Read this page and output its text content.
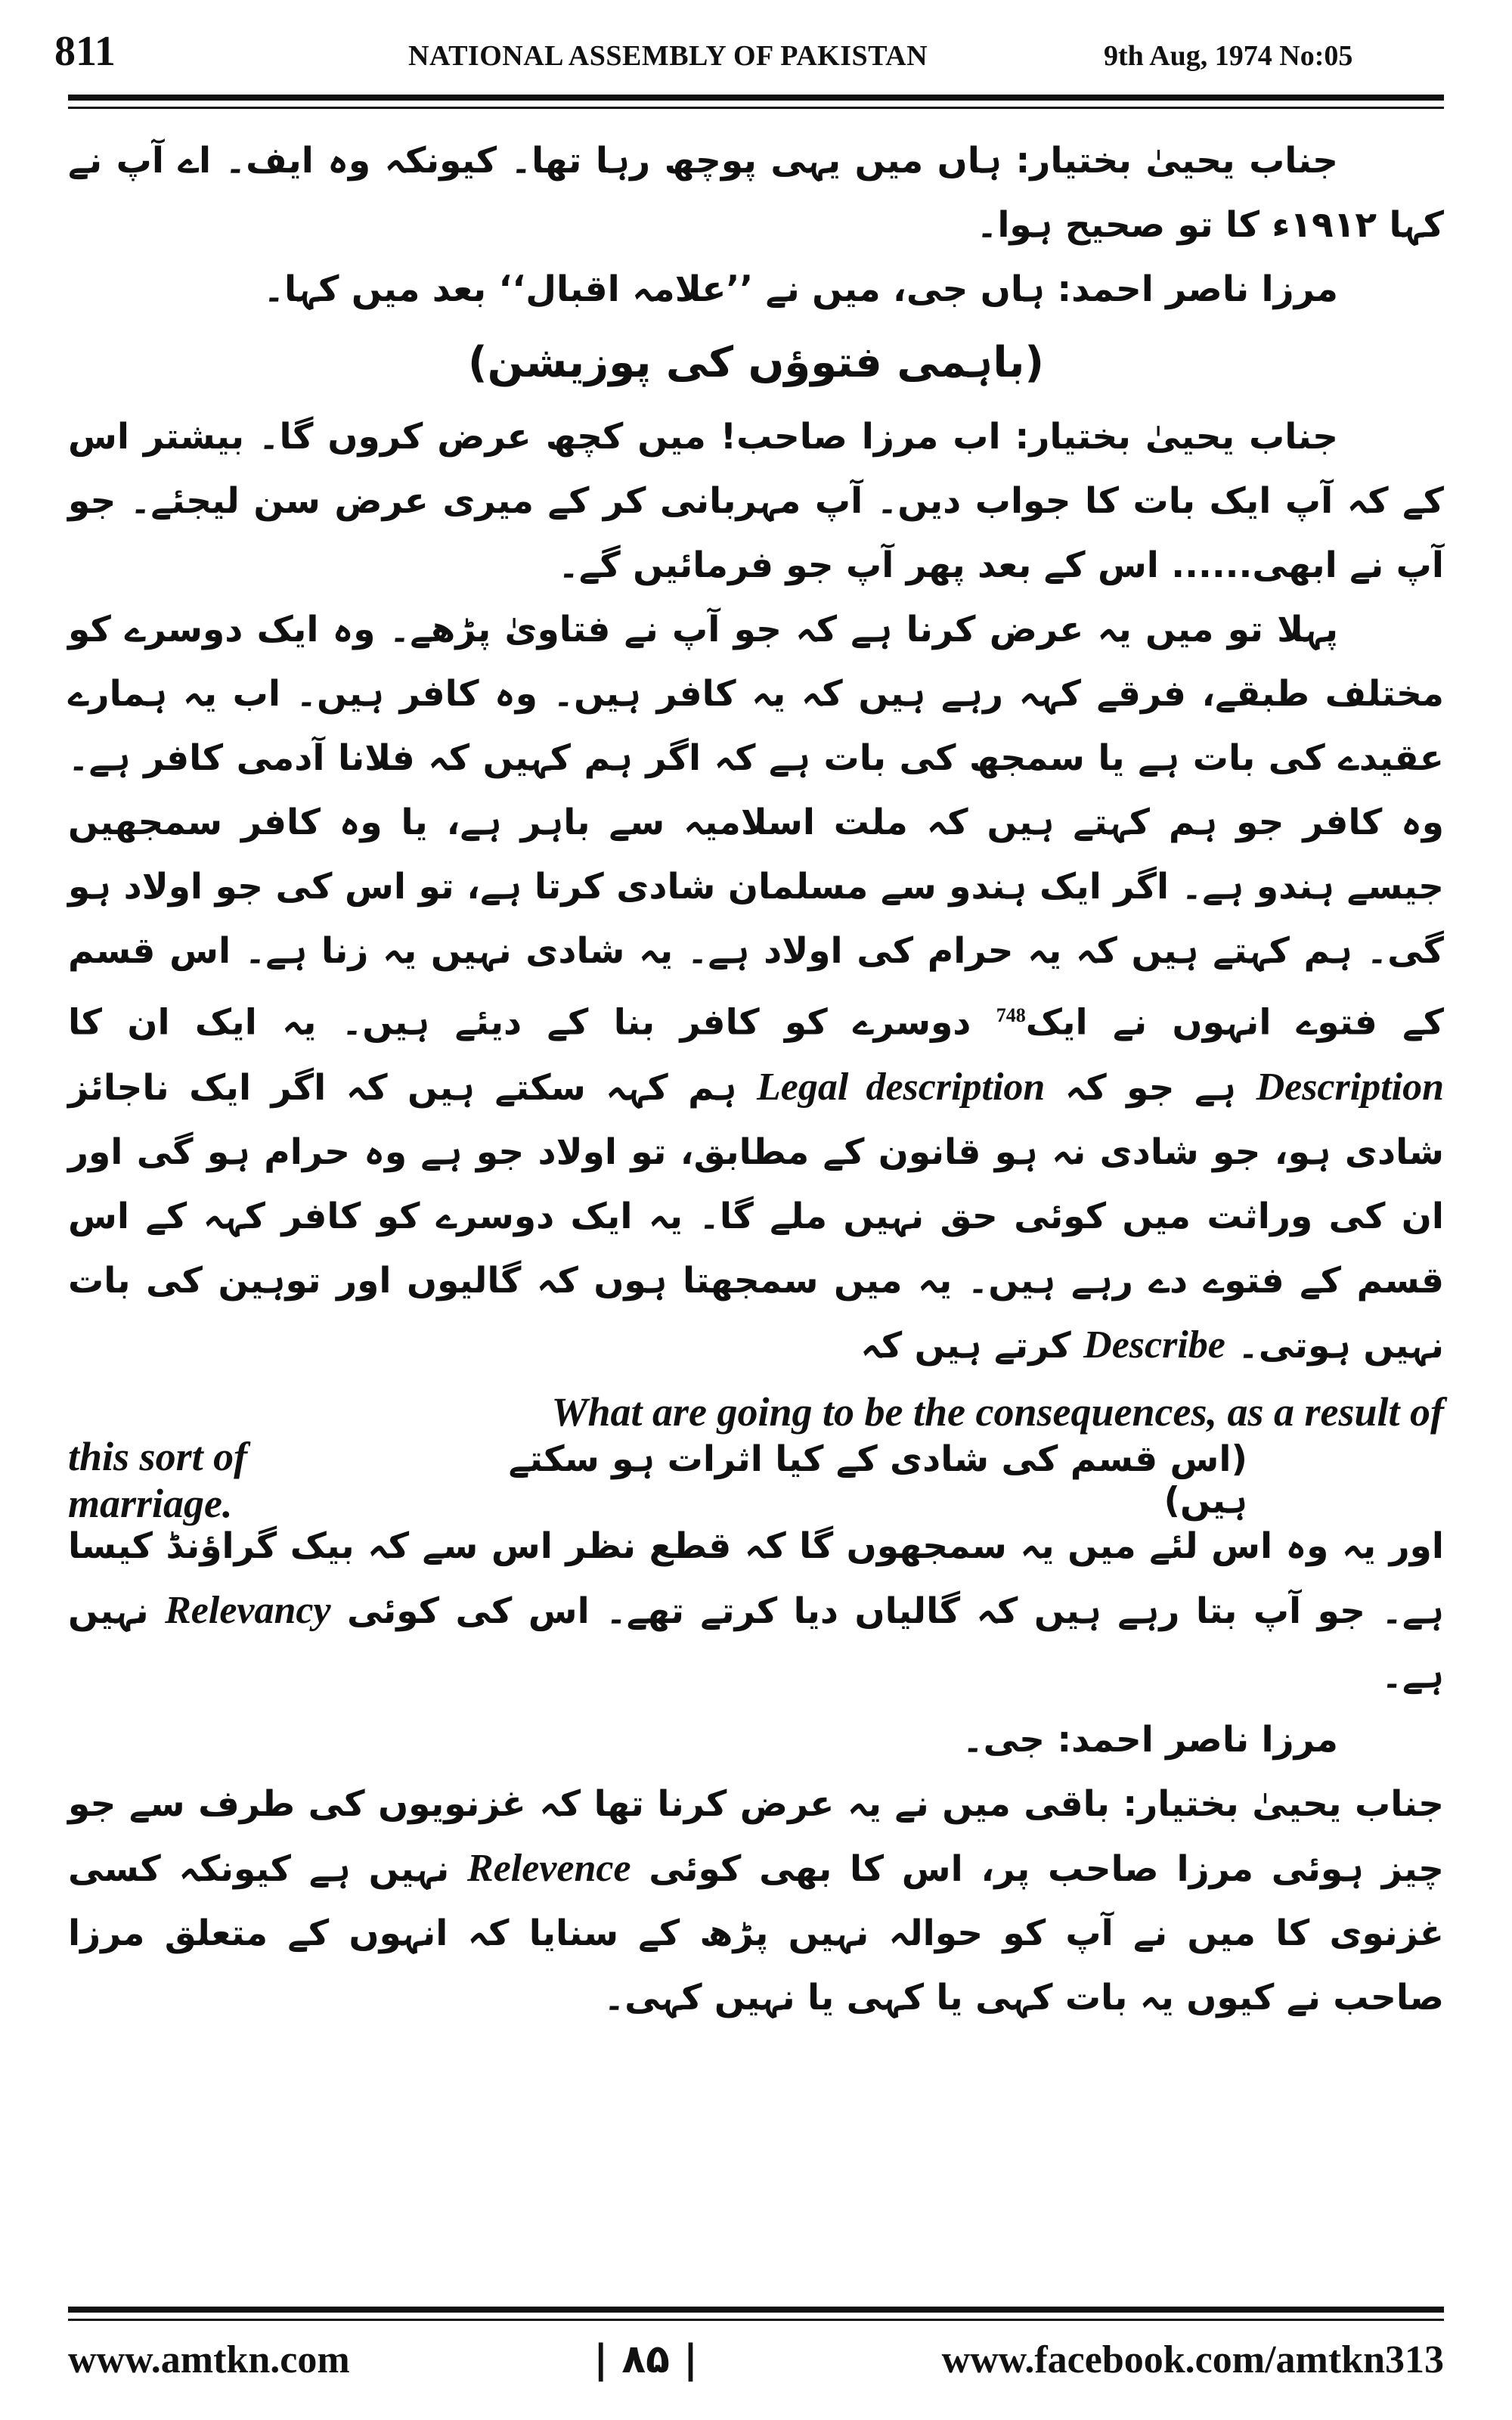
811	NATIONAL ASSEMBLY OF PAKISTAN	9th Aug, 1974 No:05

جناب یحییٰ بختیار: ہاں میں یہی پوچھ رہا تھا۔ کیونکہ وہ ایف۔ اے آپ نے کہا ۱۹۱۲ء کا تو صحیح ہوا۔

مرزا ناصر احمد: ہاں جی، میں نے ’’علامہ اقبال‘‘ بعد میں کہا۔

(باہمی فتوؤں کی پوزیشن)

جناب یحییٰ بختیار: اب مرزا صاحب! میں کچھ عرض کروں گا۔ بیشتر اس کے کہ آپ ایک بات کا جواب دیں۔ آپ مہربانی کر کے میری عرض سن لیجئے۔ جو آپ نے ابھی...... اس کے بعد پھر آپ جو فرمائیں گے۔

پہلا تو میں یہ عرض کرنا ہے کہ جو آپ نے فتاویٰ پڑھے۔ وہ ایک دوسرے کو مختلف طبقے، فرقے کہہ رہے ہیں کہ یہ کافر ہیں۔ وہ کافر ہیں۔ اب یہ ہمارے عقیدے کی بات ہے یا سمجھ کی بات ہے کہ اگر ہم کہیں کہ فلانا آدمی کافر ہے۔ وہ کافر جو ہم کہتے ہیں کہ ملت اسلامیہ سے باہر ہے، یا وہ کافر سمجھیں جیسے ہندو ہے۔ اگر ایک ہندو سے مسلمان شادی کرتا ہے، تو اس کی جو اولاد ہو گی۔ ہم کہتے ہیں کہ یہ حرام کی اولاد ہے۔ یہ شادی نہیں یہ زنا ہے۔ اس قسم کے فتوے انہوں نے ایک$^{748}$ دوسرے کو کافر بنا کے دیئے ہیں۔ یہ ایک ان کا Description ہے جو کہ Legal description ہم کہہ سکتے ہیں کہ اگر ایک ناجائز شادی ہو، جو شادی نہ ہو قانون کے مطابق، تو اولاد جو ہے وہ حرام ہو گی اور ان کی وراثت میں کوئی حق نہیں ملے گا۔ یہ ایک دوسرے کو کافر کہہ کے اس قسم کے فتوے دے رہے ہیں۔ یہ میں سمجھتا ہوں کہ گالیوں اور توہین کی بات نہیں ہوتی۔ Describe کرتے ہیں کہ

What are going to be the consequences, as a result of

this sort of marriage.
(اس قسم کی شادی کے کیا اثرات ہو سکتے ہیں)

اور یہ وہ اس لئے میں یہ سمجھوں گا کہ قطع نظر اس سے کہ بیک گراؤنڈ کیسا ہے۔ جو آپ بتا رہے ہیں کہ گالیاں دیا کرتے تھے۔ اس کی کوئی Relevancy نہیں ہے۔

مرزا ناصر احمد: جی۔

جناب یحییٰ بختیار: باقی میں نے یہ عرض کرنا تھا کہ غزنویوں کی طرف سے جو چیز ہوئی مرزا صاحب پر، اس کا بھی کوئی Relevence نہیں ہے کیونکہ کسی غزنوی کا میں نے آپ کو حوالہ نہیں پڑھ کے سنایا کہ انہوں کے متعلق مرزا صاحب نے کیوں یہ بات کہی یا کہی یا نہیں کہی۔

www.amtkn.com	| ۸۵ |	www.facebook.com/amtkn313
